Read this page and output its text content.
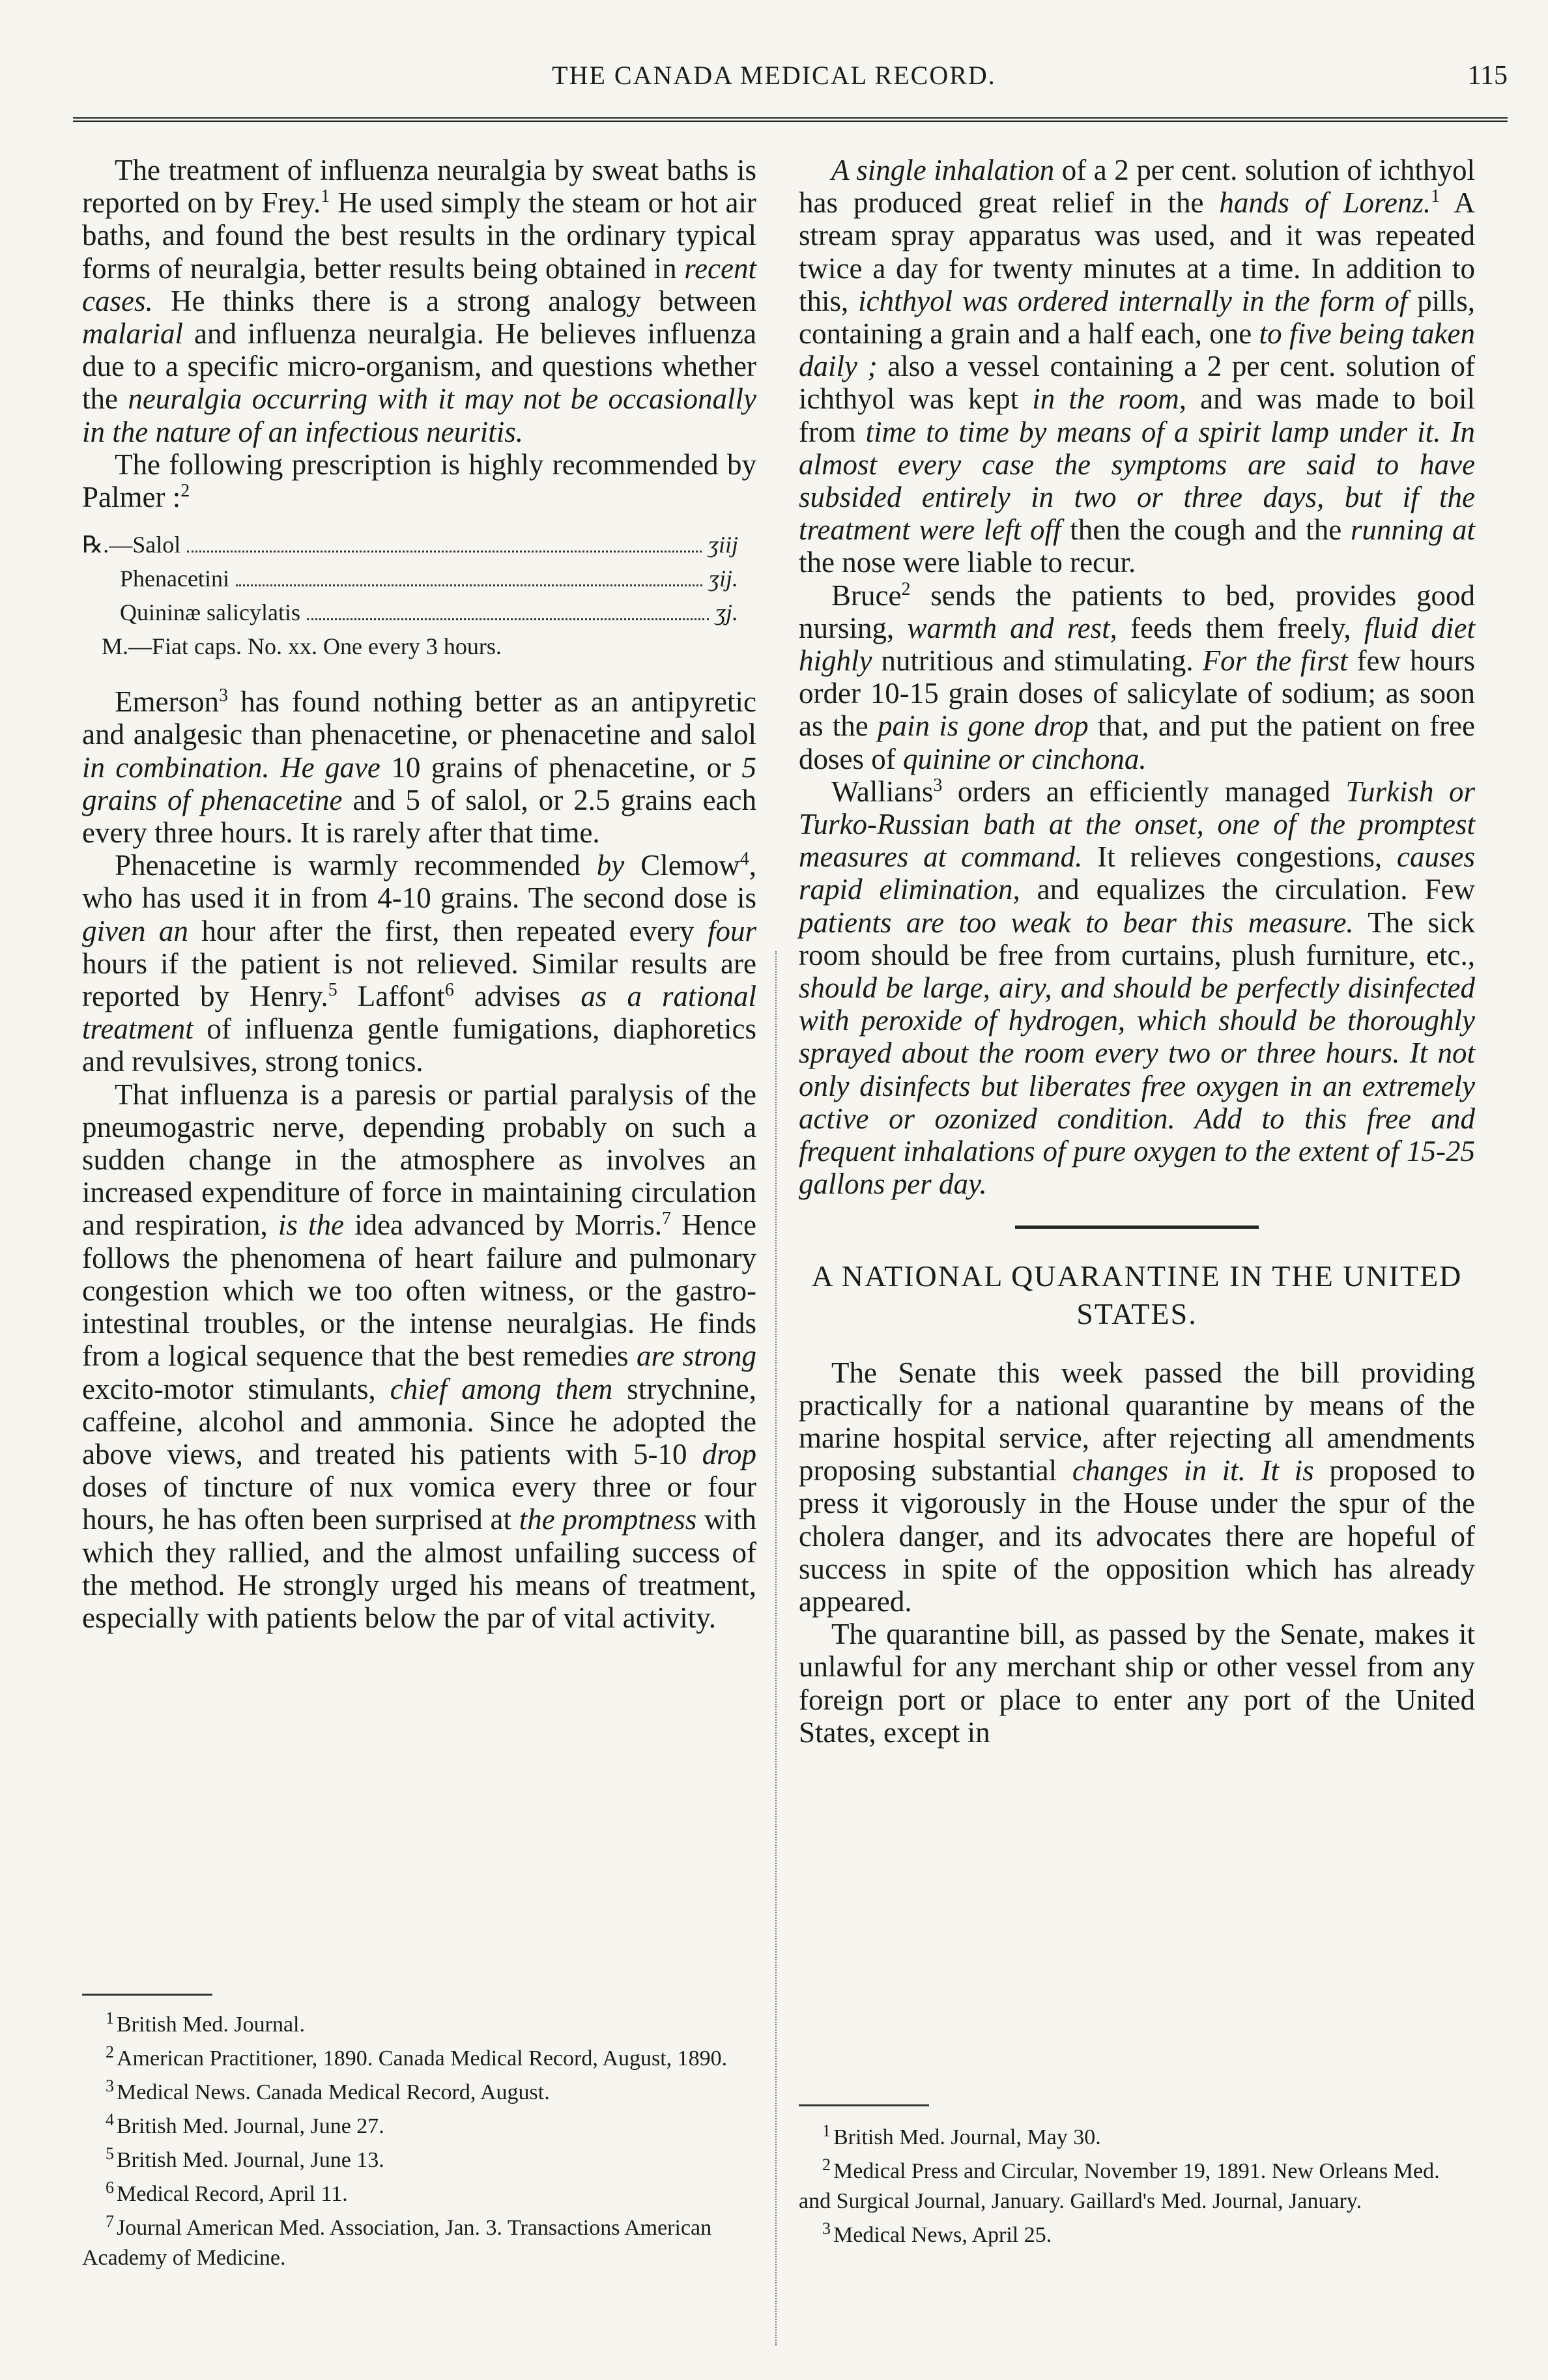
THE CANADA MEDICAL RECORD.	115

The treatment of influenza neuralgia by sweat baths is reported on by Frey.$^1$ He used simply the steam or hot air baths, and found the best results in the ordinary typical forms of neuralgia, better results being obtained in recent cases. He thinks there is a strong analogy between malarial and influenza neuralgia. He believes influenza due to a specific micro-organism, and questions whether the neuralgia occurring with it may not be occasionally in the nature of an infectious neuritis.

The following prescription is highly recommended by Palmer :$^2$

℞.—Salol	ʒiij
Phenacetini	ʒij.
Quininæ salicylatis	ʒj.
M.—Fiat caps. No. xx. One every 3 hours.

Emerson$^3$ has found nothing better as an antipyretic and analgesic than phenacetine, or phenacetine and salol in combination. He gave 10 grains of phenacetine, or 5 grains of phenacetine and 5 of salol, or 2.5 grains each every three hours. It is rarely after that time.

Phenacetine is warmly recommended by Clemow$^4$, who has used it in from 4-10 grains. The second dose is given an hour after the first, then repeated every four hours if the patient is not relieved. Similar results are reported by Henry.$^5$ Laffont$^6$ advises as a rational treatment of influenza gentle fumigations, diaphoretics and revulsives, strong tonics.

That influenza is a paresis or partial paralysis of the pneumogastric nerve, depending probably on such a sudden change in the atmosphere as involves an increased expenditure of force in maintaining circulation and respiration, is the idea advanced by Morris.$^7$ Hence follows the phenomena of heart failure and pulmonary congestion which we too often witness, or the gastro-intestinal troubles, or the intense neuralgias. He finds from a logical sequence that the best remedies are strong excito-motor stimulants, chief among them strychnine, caffeine, alcohol and ammonia. Since he adopted the above views, and treated his patients with 5-10 drop doses of tincture of nux vomica every three or four hours, he has often been surprised at the promptness with which they rallied, and the almost unfailing success of the method. He strongly urged his means of treatment, especially with patients below the par of vital activity.

$^1$ British Med. Journal.
$^2$ American Practitioner, 1890. Canada Medical Record, August, 1890.
$^3$ Medical News. Canada Medical Record, August.
$^4$ British Med. Journal, June 27.
$^5$ British Med. Journal, June 13.
$^6$ Medical Record, April 11.
$^7$ Journal American Med. Association, Jan. 3. Transactions American Academy of Medicine.

A single inhalation of a 2 per cent. solution of ichthyol has produced great relief in the hands of Lorenz.$^1$ A stream spray apparatus was used, and it was repeated twice a day for twenty minutes at a time. In addition to this, ichthyol was ordered internally in the form of pills, containing a grain and a half each, one to five being taken daily ; also a vessel containing a 2 per cent. solution of ichthyol was kept in the room, and was made to boil from time to time by means of a spirit lamp under it. In almost every case the symptoms are said to have subsided entirely in two or three days, but if the treatment were left off then the cough and the running at the nose were liable to recur.

Bruce$^2$ sends the patients to bed, provides good nursing, warmth and rest, feeds them freely, fluid diet highly nutritious and stimulating. For the first few hours order 10-15 grain doses of salicylate of sodium; as soon as the pain is gone drop that, and put the patient on free doses of quinine or cinchona.

Wallians$^3$ orders an efficiently managed Turkish or Turko-Russian bath at the onset, one of the promptest measures at command. It relieves congestions, causes rapid elimination, and equalizes the circulation. Few patients are too weak to bear this measure. The sick room should be free from curtains, plush furniture, etc., should be large, airy, and should be perfectly disinfected with peroxide of hydrogen, which should be thoroughly sprayed about the room every two or three hours. It not only disinfects but liberates free oxygen in an extremely active or ozonized condition. Add to this free and frequent inhalations of pure oxygen to the extent of 15-25 gallons per day.

A NATIONAL QUARANTINE IN THE UNITED STATES.

The Senate this week passed the bill providing practically for a national quarantine by means of the marine hospital service, after rejecting all amendments proposing substantial changes in it. It is proposed to press it vigorously in the House under the spur of the cholera danger, and its advocates there are hopeful of success in spite of the opposition which has already appeared.

The quarantine bill, as passed by the Senate, makes it unlawful for any merchant ship or other vessel from any foreign port or place to enter any port of the United States, except in

$^1$ British Med. Journal, May 30.
$^2$ Medical Press and Circular, November 19, 1891. New Orleans Med. and Surgical Journal, January. Gaillard's Med. Journal, January.
$^3$ Medical News, April 25.
